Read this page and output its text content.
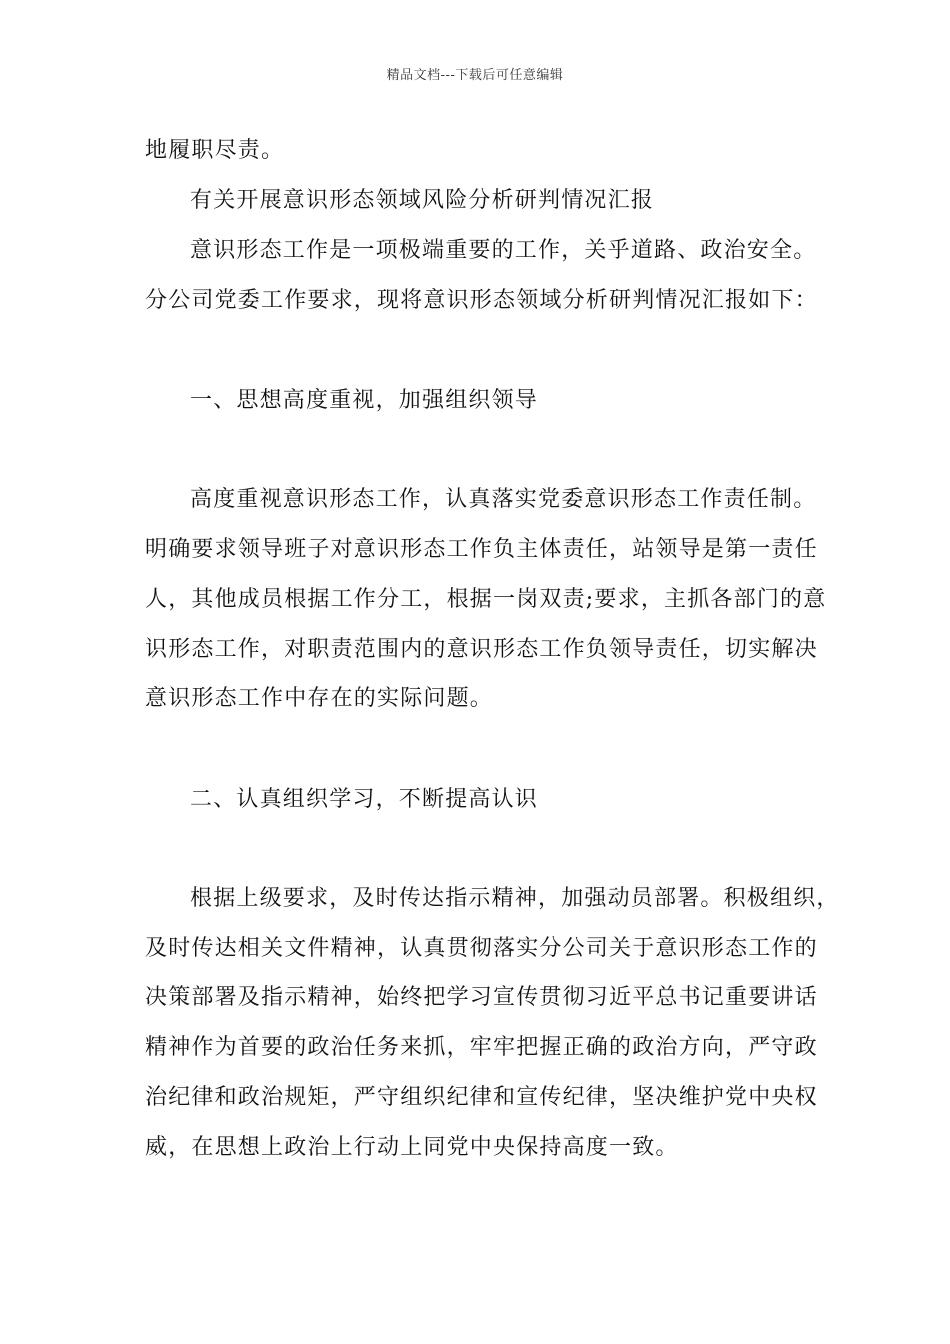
精品文档---下载后可任意编辑
地履职尽责。
有关开展意识形态领域风险分析研判情况汇报
意识形态工作是一项极端重要的工作，关乎道路、政治安全。
分公司党委工作要求，现将意识形态领域分析研判情况汇报如下：
一、思想高度重视，加强组织领导
高度重视意识形态工作，认真落实党委意识形态工作责任制。
明确要求领导班子对意识形态工作负主体责任，站领导是第一责任
人，其他成员根据工作分工，根据一岗双责;要求，主抓各部门的意
识形态工作，对职责范围内的意识形态工作负领导责任，切实解决
意识形态工作中存在的实际问题。
二、认真组织学习，不断提高认识
根据上级要求，及时传达指示精神，加强动员部署。积极组织，
及时传达相关文件精神，认真贯彻落实分公司关于意识形态工作的
决策部署及指示精神，始终把学习宣传贯彻习近平总书记重要讲话
精神作为首要的政治任务来抓，牢牢把握正确的政治方向，严守政
治纪律和政治规矩，严守组织纪律和宣传纪律，坚决维护党中央权
威，在思想上政治上行动上同党中央保持高度一致。
